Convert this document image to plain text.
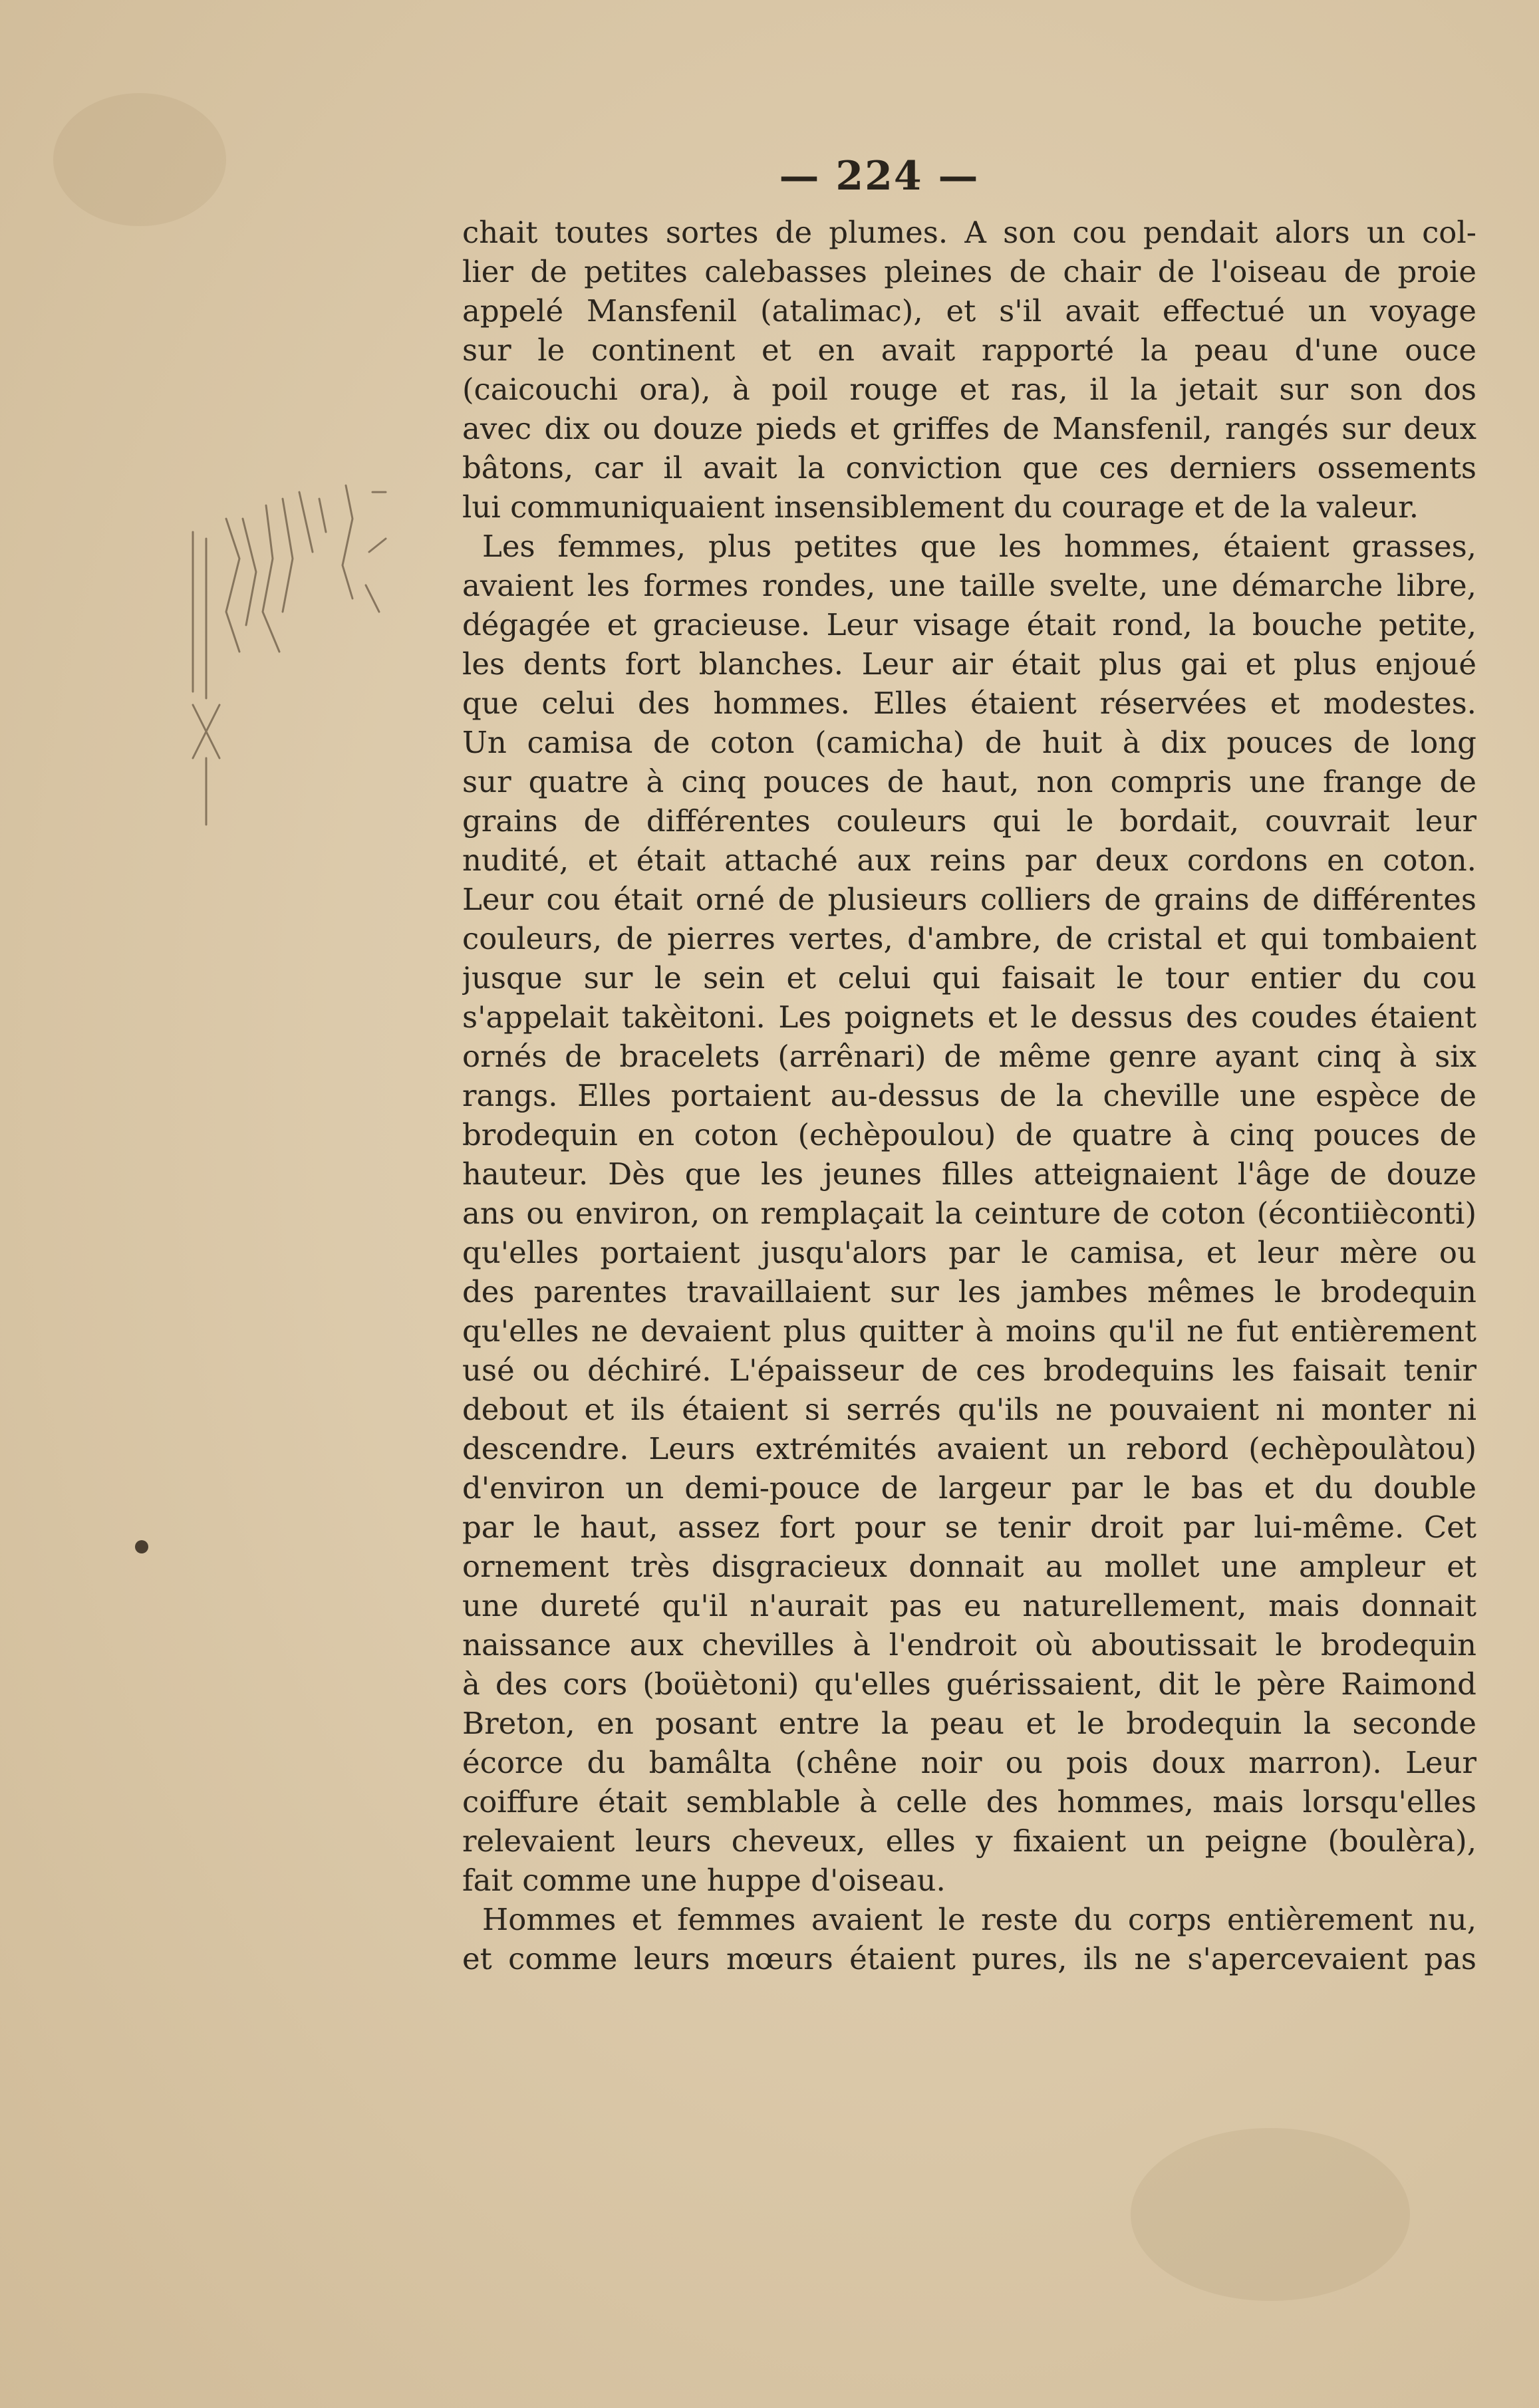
— 224 —
chait toutes sortes de plumes. A son cou pendait alors un col-
lier de petites calebasses pleines de chair de l'oiseau de proie
appelé Mansfenil (atalimac), et s'il avait effectué un voyage
sur le continent et en avait rapporté la peau d'une ouce
(caicouchi ora), à poil rouge et ras, il la jetait sur son dos
avec dix ou douze pieds et griffes de Mansfenil, rangés sur deux
bâtons, car il avait la conviction que ces derniers ossements
lui communiquaient insensiblement du courage et de la valeur.
Les femmes, plus petites que les hommes, étaient grasses,
avaient les formes rondes, une taille svelte, une démarche libre,
dégagée et gracieuse. Leur visage était rond, la bouche petite,
les dents fort blanches. Leur air était plus gai et plus enjoué
que celui des hommes. Elles étaient réservées et modestes.
Un camisa de coton (camicha) de huit à dix pouces de long
sur quatre à cinq pouces de haut, non compris une frange de
grains de différentes couleurs qui le bordait, couvrait leur
nudité, et était attaché aux reins par deux cordons en coton.
Leur cou était orné de plusieurs colliers de grains de différentes
couleurs, de pierres vertes, d'ambre, de cristal et qui tombaient
jusque sur le sein et celui qui faisait le tour entier du cou
s'appelait takèitoni. Les poignets et le dessus des coudes étaient
ornés de bracelets (arrênari) de même genre ayant cinq à six
rangs. Elles portaient au-dessus de la cheville une espèce de
brodequin en coton (echèpoulou) de quatre à cinq pouces de
hauteur. Dès que les jeunes filles atteignaient l'âge de douze
ans ou environ, on remplaçait la ceinture de coton (écontiièconti)
qu'elles portaient jusqu'alors par le camisa, et leur mère ou
des parentes travaillaient sur les jambes mêmes le brodequin
qu'elles ne devaient plus quitter à moins qu'il ne fut entièrement
usé ou déchiré. L'épaisseur de ces brodequins les faisait tenir
debout et ils étaient si serrés qu'ils ne pouvaient ni monter ni
descendre. Leurs extrémités avaient un rebord (echèpoulàtou)
d'environ un demi-pouce de largeur par le bas et du double
par le haut, assez fort pour se tenir droit par lui-même. Cet
ornement très disgracieux donnait au mollet une ampleur et
une dureté qu'il n'aurait pas eu naturellement, mais donnait
naissance aux chevilles à l'endroit où aboutissait le brodequin
à des cors (boüètoni) qu'elles guérissaient, dit le père Raimond
Breton, en posant entre la peau et le brodequin la seconde
écorce du bamâlta (chêne noir ou pois doux marron). Leur
coiffure était semblable à celle des hommes, mais lorsqu'elles
relevaient leurs cheveux, elles y fixaient un peigne (boulèra),
fait comme une huppe d'oiseau.
Hommes et femmes avaient le reste du corps entièrement nu,
et comme leurs mœurs étaient pures, ils ne s'apercevaient pas
